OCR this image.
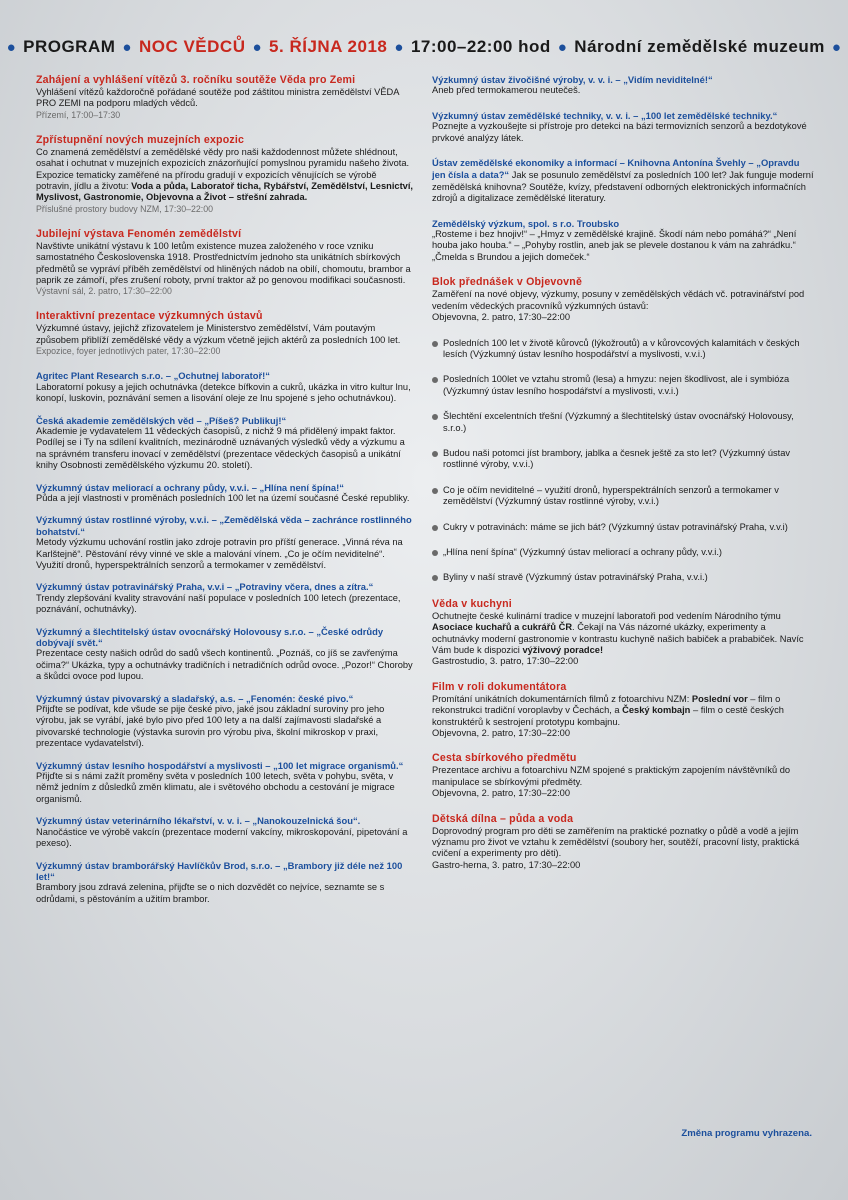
● PROGRAM ● NOC VĚDCŮ ● 5. ŘÍJNA 2018 ● 17:00–22:00 hod ● Národní zemědělské muzeum ●
Zahájení a vyhlášení vítězů 3. ročníku soutěže Věda pro Zemi
Vyhlášení vítězů každoročně pořádané soutěže pod záštitou ministra zemědělství VĚDA PRO ZEMI na podporu mladých vědců.
Přízemí, 17:00–17:30
Zpřístupnění nových muzejních expozic
Co znamená zemědělství a zemědělské vědy pro naši každodennost můžete shlédnout, osahat i ochutnat v muzejních expozicích znázorňující pomyslnou pyramidu našeho života. Expozice tematicky zaměřené na přírodu gradují v expozicích věnujících se výrobě potravin, jídlu a životu: Voda a půda, Laboratoř ticha, Rybářství, Zemědělství, Lesnictví, Myslivost, Gastronomie, Objevovna a Život – střešní zahrada.
Příslušné prostory budovy NZM, 17:30–22:00
Jubilejní výstava Fenomén zemědělství
Navštivte unikátní výstavu k 100 letům existence muzea založeného v roce vzniku samostatného Československa 1918. Prostřednictvím jednoho sta unikátních sbírkových předmětů se vypráví příběh zemědělství od hliněných nádob na obilí, chomoutu, brambor a paprik ze zámoří, přes zrušení roboty, první traktor až po genovou modifikaci současnosti.
Výstavní sál, 2. patro, 17:30–22:00
Interaktivní prezentace výzkumných ústavů
Výzkumné ústavy, jejichž zřizovatelem je Ministerstvo zemědělství, Vám poutavým způsobem přiblíží zemědělské vědy a výzkum včetně jejich aktérů za posledních 100 let.
Expozice, foyer jednotlivých pater, 17:30–22:00
Agritec Plant Research s.r.o. – „Ochutnej laboratoř!“
Laboratorní pokusy a jejich ochutnávka (detekce bífkovin a cukrů, ukázka in vitro kultur lnu, konopí, luskovin, poznávání semen a lisování oleje ze lnu spojené s jeho ochutnávkou).
Česká akademie zemědělských věd – „Píšeš? Publikuj!“
Akademie je vydavatelem 11 vědeckých časopisů, z nichž 9 má přidělený impakt faktor. Podílej se i Ty na sdílení kvalitních, mezinárodně uznávaných výsledků vědy a výzkumu a na správném transferu inovací v zemědělství (prezentace vědeckých časopisů a unikátní knihy Osobnosti zemědělského výzkumu 20. století).
Výzkumný ústav meliorací a ochrany půdy, v.v.i. – „Hlína není špína!“
Půda a její vlastnosti v proměnách posledních 100 let na území současné České republiky.
Výzkumný ústav rostlinné výroby, v.v.i. – „Zemědělská věda – zachránce rostlinného bohatství.“
Metody výzkumu uchování rostlin jako zdroje potravin pro příští generace. „Vinná réva na Karlštejně“. Pěstování révy vinné ve skle a malování vínem. „Co je očím neviditelné“. Využití dronů, hyperspektrálních senzorů a termokamer v zemědělství.
Výzkumný ústav potravinářský Praha, v.v.i – „Potraviny včera, dnes a zítra.“
Trendy zlepšování kvality stravování naší populace v posledních 100 letech (prezentace, poznávání, ochutnávky).
Výzkumný a šlechtitelský ústav ovocnářský Holovousy s.r.o. – „České odrůdy dobývají svět.“
Prezentace cesty našich odrůd do sadů všech kontinentů. „Poznáš, co jíš se zavřenýma očima?“ Ukázka, typy a ochutnávky tradičních i netradičních odrůd ovoce. „Pozor!“ Choroby a škůdci ovoce pod lupou.
Výzkumný ústav pivovarský a sladařský, a.s. – „Fenomén: české pivo.“
Přijďte se podívat, kde všude se pije české pivo, jaké jsou základní suroviny pro jeho výrobu, jak se vyrábí, jaké bylo pivo před 100 lety a na další zajímavosti sladařské a pivovarské technologie (výstavka surovin pro výrobu piva, školní mikroskop v praxi, prezentace vydavatelství).
Výzkumný ústav lesního hospodářství a myslivosti – „100 let migrace organismů.“
Přijďte si s námi zažít proměny světa v posledních 100 letech, světa v pohybu, světa, v němž jedním z důsledků změn klimatu, ale i světového obchodu a cestování je migrace organismů.
Výzkumný ústav veterinárního lékařství, v. v. i. – „Nanokouzelnická šou“.
Nanočástice ve výrobě vakcín (prezentace moderní vakcíny, mikroskopování, pipetování a pexeso).
Výzkumný ústav bramborářský Havlíčkův Brod, s.r.o. – „Brambory již déle než 100 let!“
Brambory jsou zdravá zelenina, přijďte se o nich dozvědět co nejvíce, seznamte se s odrůdami, s pěstováním a užitím brambor.
Výzkumný ústav živočišné výroby, v. v. i. – „Vidím neviditelné!“
Aneb před termokamerou neutečeš.
Výzkumný ústav zemědělské techniky, v. v. i. – „100 let zemědělské techniky.“
Poznejte a vyzkoušejte si přístroje pro detekci na bázi termovizních senzorů a bezdotykové prvkové analýzy látek.
Ústav zemědělské ekonomiky a informací – Knihovna Antonína Švehly – „Opravdu jen čísla a data?“ Jak se posunulo zemědělství za posledních 100 let? Jak funguje moderní zemědělská knihovna? Soutěže, kvízy, představení odborných elektronických informačních zdrojů a digitalizace zemědělské literatury.
Zemědělský výzkum, spol. s r.o. Troubsko
„Rosteme i bez hnojiv!“ – „Hmyz v zemědělské krajině. Škodí nám nebo pomáhá?“ „Není houba jako houba.“ – „Pohyby rostlin, aneb jak se plevele dostanou k vám na zahrádku.“ „Čmelda s Brundou a jejich domeček.“
Blok přednášek v Objevovně
Zaměření na nové objevy, výzkumy, posuny v zemědělských vědách vč. potravinářství pod vedením vědeckých pracovníků výzkumných ústavů:
Objevovna, 2. patro, 17:30–22:00
Posledních 100 let v životě kůrovců (lýkožroutů) a v kůrovcových kalamitách v českých lesích (Výzkumný ústav lesního hospodářství a myslivosti, v.v.i.)
Posledních 100let ve vztahu stromů (lesa) a hmyzu: nejen škodlivost, ale i symbióza (Výzkumný ústav lesního hospodářství a myslivosti, v.v.i.)
Šlechtění excelentních třešní (Výzkumný a šlechtitelský ústav ovocnářský Holovousy, s.r.o.)
Budou naši potomci jíst brambory, jablka a česnek ještě za sto let? (Výzkumný ústav rostlinné výroby, v.v.i.)
Co je očím neviditelné – využití dronů, hyperspektrálních senzorů a termokamer v zemědělství (Výzkumný ústav rostlinné výroby, v.v.i.)
Cukry v potravinách: máme se jich bát? (Výzkumný ústav potravinářský Praha, v.v.i)
„Hlína není špína“ (Výzkumný ústav meliorací a ochrany půdy, v.v.i.)
Byliny v naší stravě (Výzkumný ústav potravinářský Praha, v.v.i.)
Věda v kuchyni
Ochutnejte české kulinární tradice v muzejní laboratoři pod vedením Národního týmu Asociace kuchařů a cukrářů ČR. Čekají na Vás názorné ukázky, experimenty a ochutnávky moderní gastronomie v kontrastu kuchyně našich babiček a prababiček. Navíc Vám bude k dispozici výživový poradce!
Gastrostudio, 3. patro, 17:30–22:00
Film v roli dokumentátora
Promítání unikátních dokumentárních filmů z fotoarchivu NZM: Poslední vor – film o rekonstrukci tradiční voroplavby v Čechách, a Český kombajn – film o cestě českých konstruktérů k sestrojení prototypu kombajnu.
Objevovna, 2. patro, 17:30–22:00
Cesta sbírkového předmětu
Prezentace archivu a fotoarchivu NZM spojené s praktickým zapojením návštěvníků do manipulace se sbírkovými předměty.
Objevovna, 2. patro, 17:30–22:00
Dětská dílna – půda a voda
Doprovodný program pro děti se zaměřením na praktické poznatky o půdě a vodě a jejím významu pro život ve vztahu k zemědělství (soubory her, soutěží, pracovní listy, praktická cvičení a experimenty pro děti).
Gastro-herna, 3. patro, 17:30–22:00
Změna programu vyhrazena.
